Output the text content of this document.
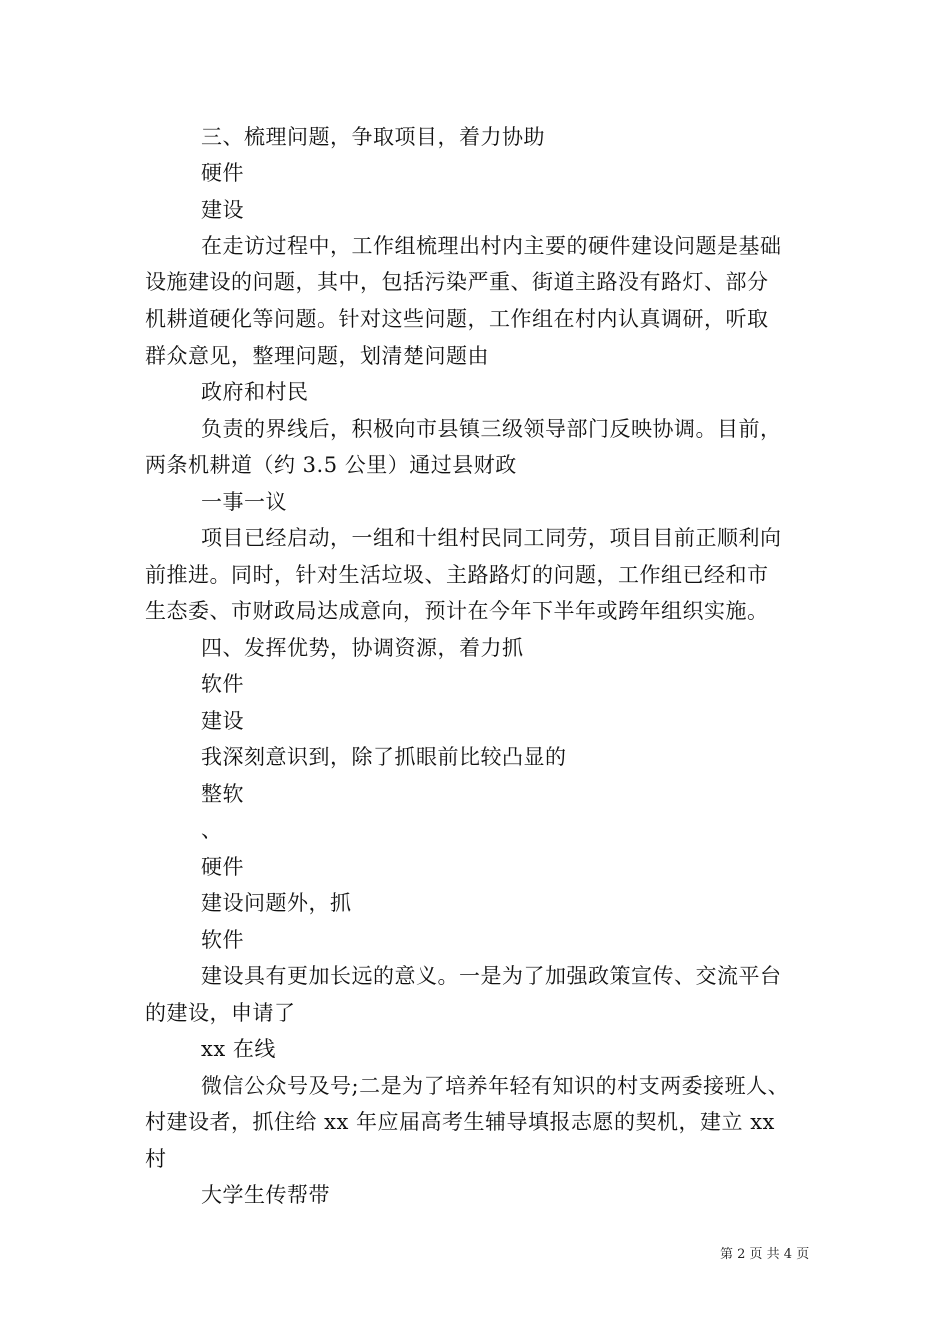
三、梳理问题，争取项目，着力协助
硬件
建设
在走访过程中，工作组梳理出村内主要的硬件建设问题是基础
设施建设的问题，其中，包括污染严重、街道主路没有路灯、部分
机耕道硬化等问题。针对这些问题，工作组在村内认真调研，听取
群众意见，整理问题，划清楚问题由
政府和村民
负责的界线后，积极向市县镇三级领导部门反映协调。目前，
两条机耕道（约 3.5 公里）通过县财政
一事一议
项目已经启动，一组和十组村民同工同劳，项目目前正顺利向
前推进。同时，针对生活垃圾、主路路灯的问题，工作组已经和市
生态委、市财政局达成意向，预计在今年下半年或跨年组织实施。
四、发挥优势，协调资源，着力抓
软件
建设
我深刻意识到，除了抓眼前比较凸显的
整软
、
硬件
建设问题外，抓
软件
建设具有更加长远的意义。一是为了加强政策宣传、交流平台
的建设，申请了
xx 在线
微信公众号及号;二是为了培养年轻有知识的村支两委接班人、
村建设者，抓住给 xx 年应届高考生辅导填报志愿的契机，建立 xx
村
大学生传帮带
第 2 页 共 4 页
